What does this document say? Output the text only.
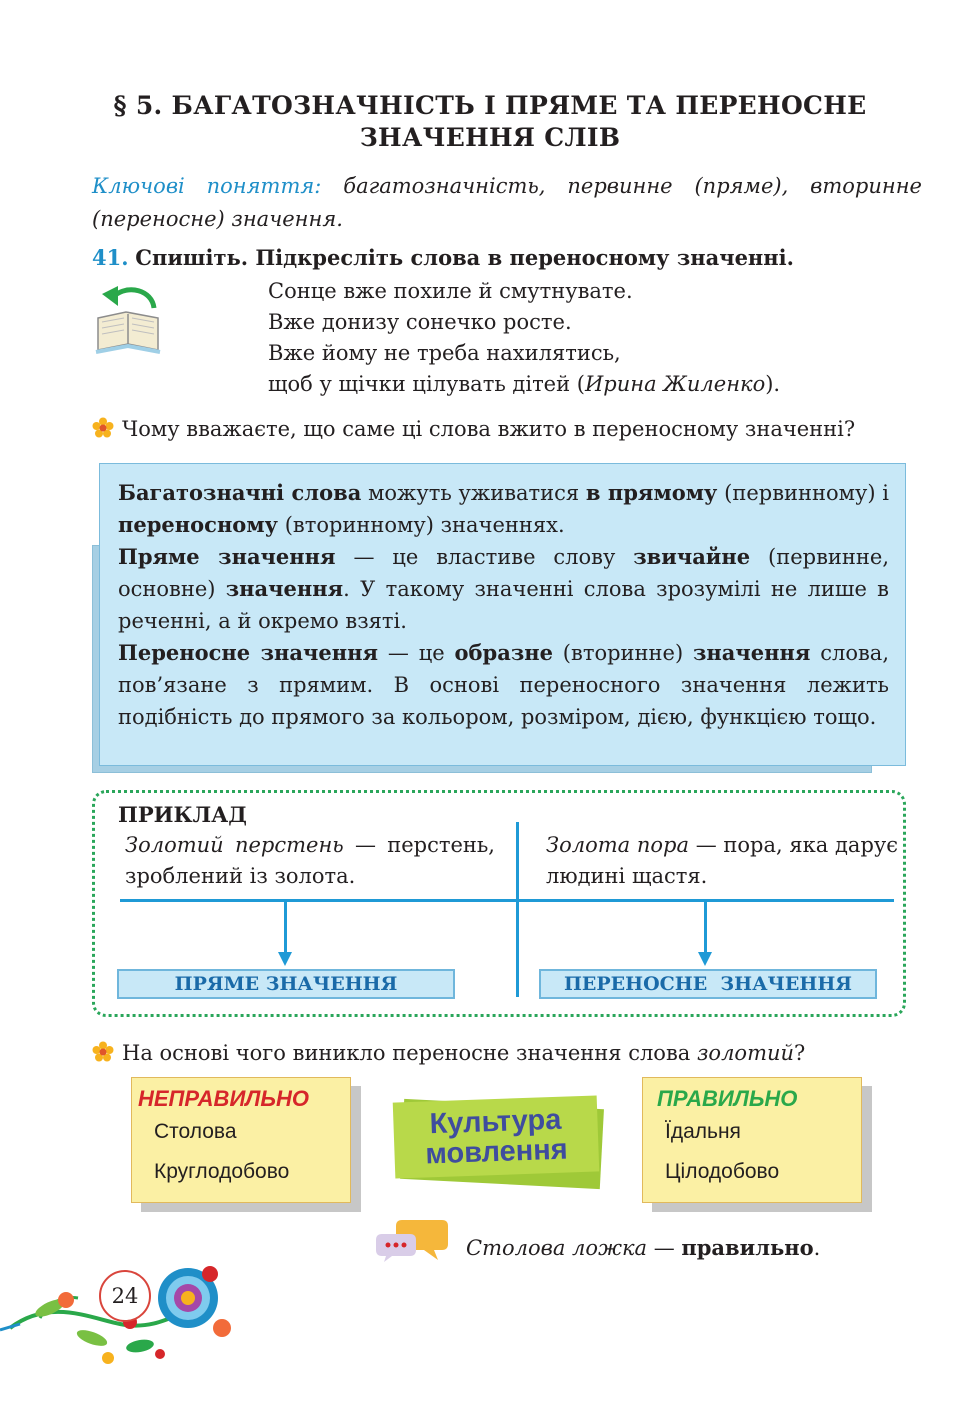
§ 5. БАГАТОЗНАЧНІСТЬ І ПРЯМЕ ТА ПЕРЕНОСНЕ
ЗНАЧЕННЯ СЛІВ
Ключові поняття: багатозначність, первинне (пряме), вторинне (переносне) значення.
41. Спишіть. Підкресліть слова в переносному значенні.
Сонце вже похиле й смутнувате.
Вже донизу сонечко росте.
Вже йому не треба нахилятись,
щоб у щічки цілувать дітей (Ирина Жиленко).
Чому вважаєте, що саме ці слова вжито в переносному значенні?

Багатозначні слова можуть уживатися в прямому (первинному) і переносному (вторинному) значеннях.

Пряме значення — це властиве слову звичайне (первинне, основне) значення. У такому значенні слова зрозумілі не лише в реченні, а й окремо взяті.

Переносне значення — це образне (вторинне) значення слова, пов’язане з прямим. В основі переносного значення лежить подібність до прямого за кольором, розміром, дією, функцією тощо.

ПРИКЛАД
Золотий перстень — перстень, зроблений із золота.
Золота пора — пора, яка дарує людині щастя.
ПРЯМЕ ЗНАЧЕННЯ	ПЕРЕНОСНЕ  ЗНАЧЕННЯ
На основі чого виникло переносне значення слова золотий?
НЕПРАВИЛЬНО
Столова
Круглодобово
Культура
мовлення
ПРАВИЛЬНО
Їдальня
Цілодобово
Столова ложка — правильно.
24
